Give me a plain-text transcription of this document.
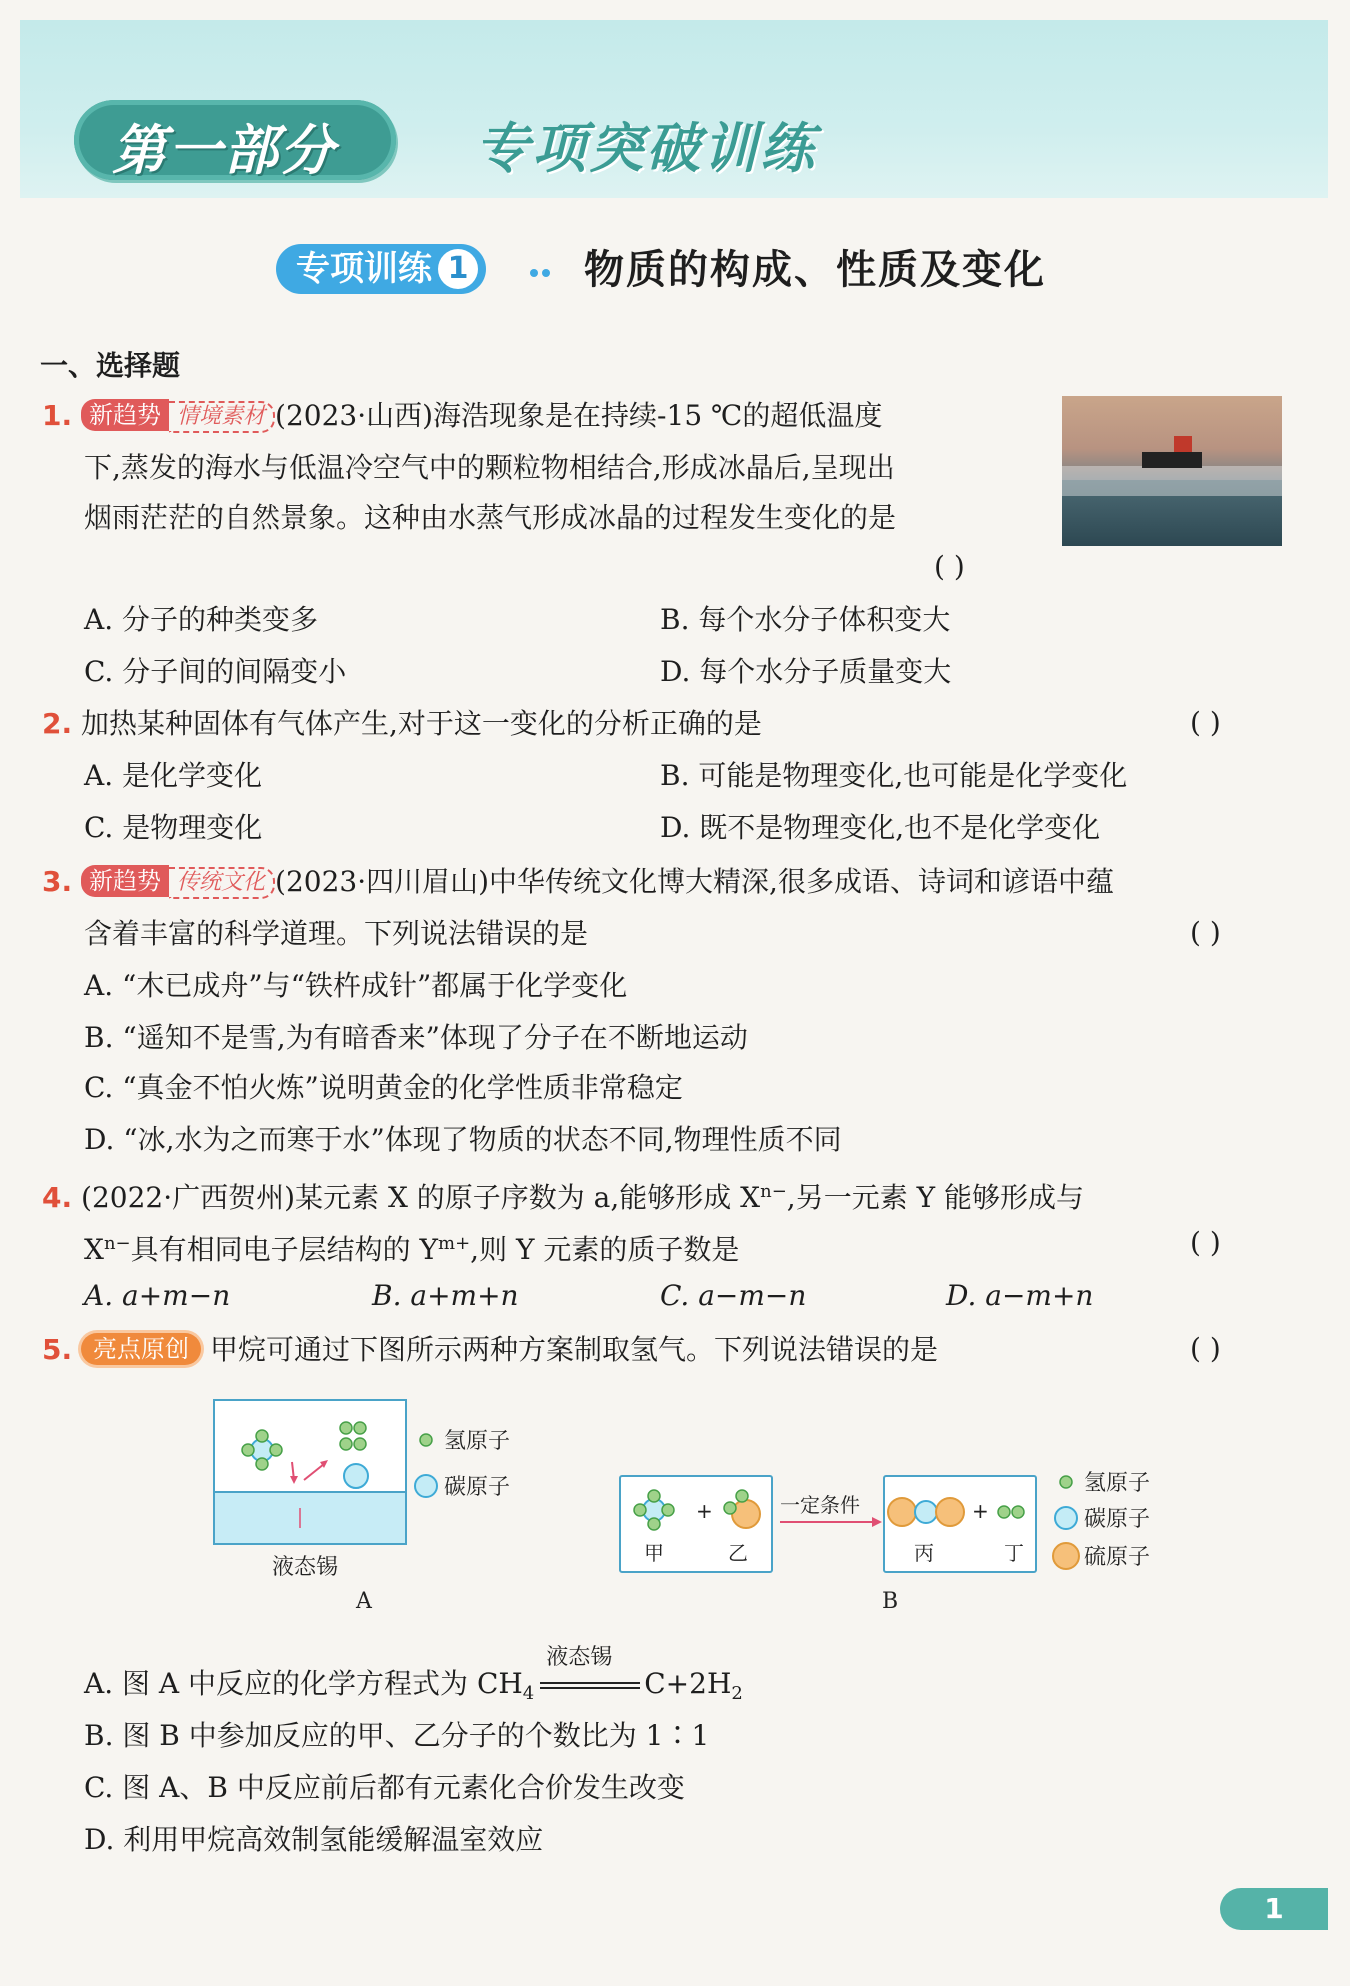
第一部分	专项突破训练
专项训练 1	物质的构成、性质及变化
一、选择题
1. 新趋势 情境素材 (2023·山西)海浩现象是在持续-15 ℃的超低温度
下,蒸发的海水与低温冷空气中的颗粒物相结合,形成冰晶后,呈现出
烟雨茫茫的自然景象。这种由水蒸气形成冰晶的过程发生变化的是
( )
A. 分子的种类变多	B. 每个水分子体积变大
C. 分子间的间隔变小	D. 每个水分子质量变大
2. 加热某种固体有气体产生,对于这一变化的分析正确的是	( )
A. 是化学变化	B. 可能是物理变化,也可能是化学变化
C. 是物理变化	D. 既不是物理变化,也不是化学变化
3. 新趋势 传统文化 (2023·四川眉山)中华传统文化博大精深,很多成语、诗词和谚语中蕴
含着丰富的科学道理。下列说法错误的是	( )
A. “木已成舟”与“铁杵成针”都属于化学变化
B. “遥知不是雪,为有暗香来”体现了分子在不断地运动
C. “真金不怕火炼”说明黄金的化学性质非常稳定
D. “冰,水为之而寒于水”体现了物质的状态不同,物理性质不同
4. (2022·广西贺州)某元素 X 的原子序数为 a,能够形成 $X^{n-}$,另一元素 Y 能够形成与
$X^{n-}$具有相同电子层结构的 $Y^{m+}$,则 Y 元素的质子数是	( )
A. a+m−n	B. a+m+n	C. a−m−n	D. a−m+n
5. 亮点原创 甲烷可通过下图所示两种方案制取氢气。下列说法错误的是	( )
液态锡
A
氢原子
碳原子
+
甲	乙
一定条件	+
丙	丁
B
氢原子
碳原子
硫原子
A. 图 A 中反应的化学方程式为 $CH_4$
液态锡
$C+2H_2$
B. 图 B 中参加反应的甲、乙分子的个数比为 1∶1
C. 图 A、B 中反应前后都有元素化合价发生改变
D. 利用甲烷高效制氢能缓解温室效应
1
